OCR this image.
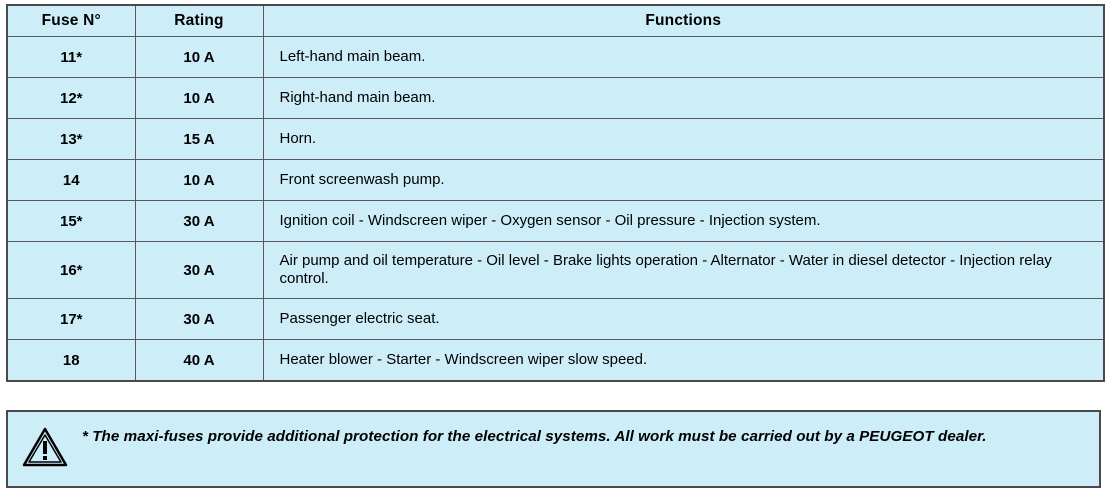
Fuse N°	Rating	Functions
11*	10 A	Left-hand main beam.
12*	10 A	Right-hand main beam.
13*	15 A	Horn.
14	10 A	Front screenwash pump.
15*	30 A	Ignition coil - Windscreen wiper - Oxygen sensor - Oil pressure - Injection system.
16*	30 A	Air pump and oil temperature - Oil level - Brake lights operation - Alternator - Water in diesel detector - Injection relay control.
17*	30 A	Passenger electric seat.
18	40 A	Heater blower - Starter - Windscreen wiper slow speed.
* The maxi-fuses provide additional protection for the electrical systems. All work must be carried out by a PEUGEOT dealer.
